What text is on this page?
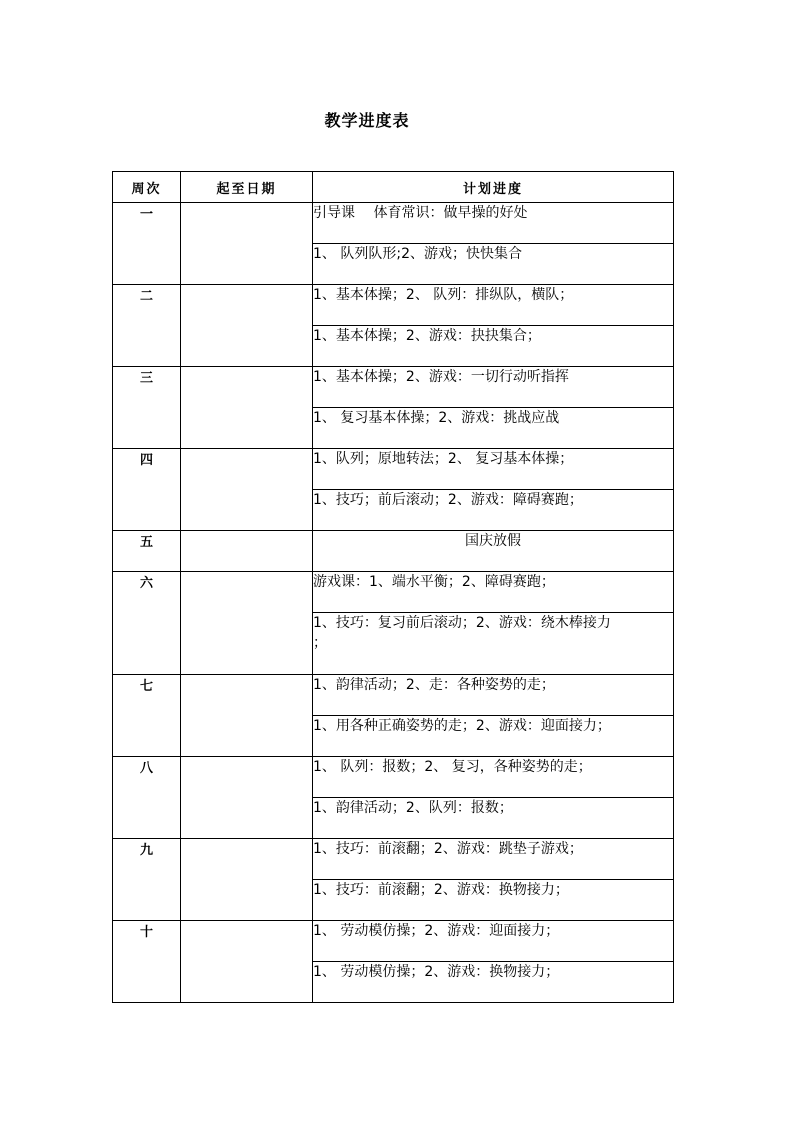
教学进度表
周次	起至日期	计划进度
一		引导课　 体育常识：做早操的好处
		1、 队列队形;2、游戏；快快集合
二		1、基本体操；2、 队列：排纵队，横队；
		1、基本体操；2、游戏：抉抉集合；
三		1、基本体操；2、游戏：一切行动听指挥
		1、 复习基本体操；2、游戏：挑战应战
四		1、队列；原地转法；2、 复习基本体操；
		1、技巧；前后滚动；2、游戏：障碍赛跑；
五		国庆放假
六		游戏课：1、端水平衡；2、障碍赛跑；
		1、技巧：复习前后滚动；2、游戏：绕木棒接力
；
七		1、韵律活动；2、走：各种姿势的走；
		1、用各种正确姿势的走；2、游戏：迎面接力；
八		1、 队列：报数；2、 复习，各种姿势的走；
		1、韵律活动；2、队列：报数；
九		1、技巧：前滚翻；2、游戏：跳垫子游戏；
		1、技巧：前滚翻；2、游戏：换物接力；
十		1、 劳动模仿操；2、游戏：迎面接力；
		1、 劳动模仿操；2、游戏：换物接力；
